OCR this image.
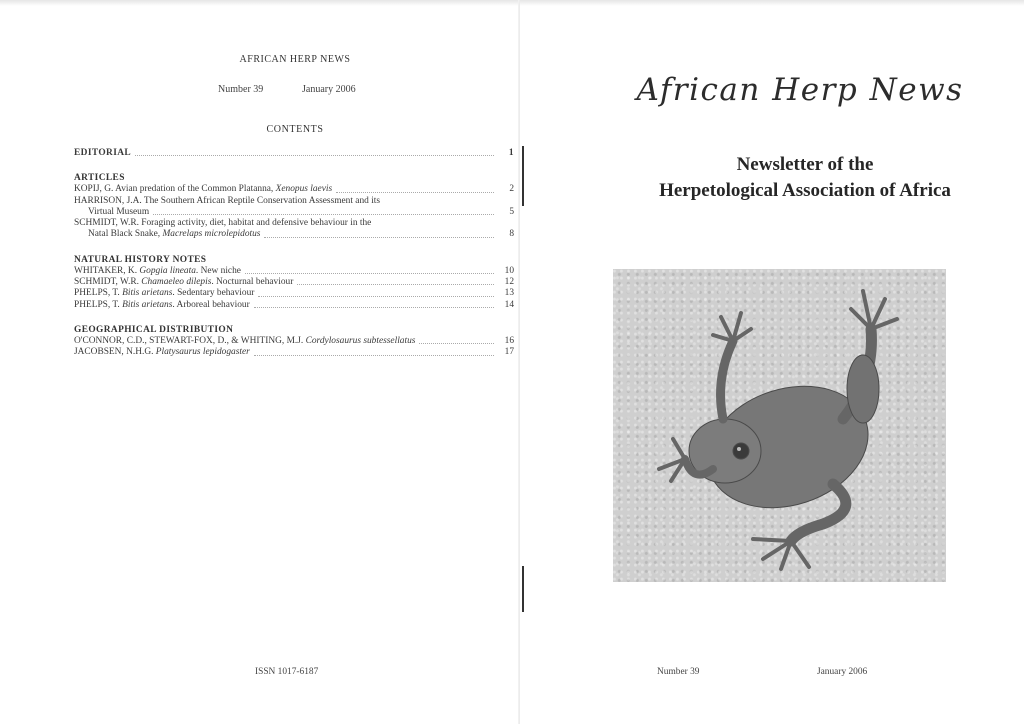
AFRICAN HERP NEWS
Number 39	January 2006
CONTENTS
EDITORIAL	1
ARTICLES
KOPIJ, G. Avian predation of the Common Platanna, Xenopus laevis	2
HARRISON, J.A. The Southern African Reptile Conservation Assessment and its
Virtual Museum	5
SCHMIDT, W.R. Foraging activity, diet, habitat and defensive behaviour in the
Natal Black Snake, Macrelaps microlepidotus	8
NATURAL HISTORY NOTES
WHITAKER, K. Gopgia lineata. New niche	10
SCHMIDT, W.R. Chamaeleo dilepis. Nocturnal behaviour	12
PHELPS, T. Bitis arietans. Sedentary behaviour	13
PHELPS, T. Bitis arietans. Arboreal behaviour	14
GEOGRAPHICAL DISTRIBUTION
O'CONNOR, C.D., STEWART-FOX, D., & WHITING, M.J. Cordylosaurus subtessellatus	16
JACOBSEN, N.H.G. Platysaurus lepidogaster	17
ISSN 1017-6187
African Herp News
Newsletter of the
Herpetological Association of Africa
Number 39	January 2006
